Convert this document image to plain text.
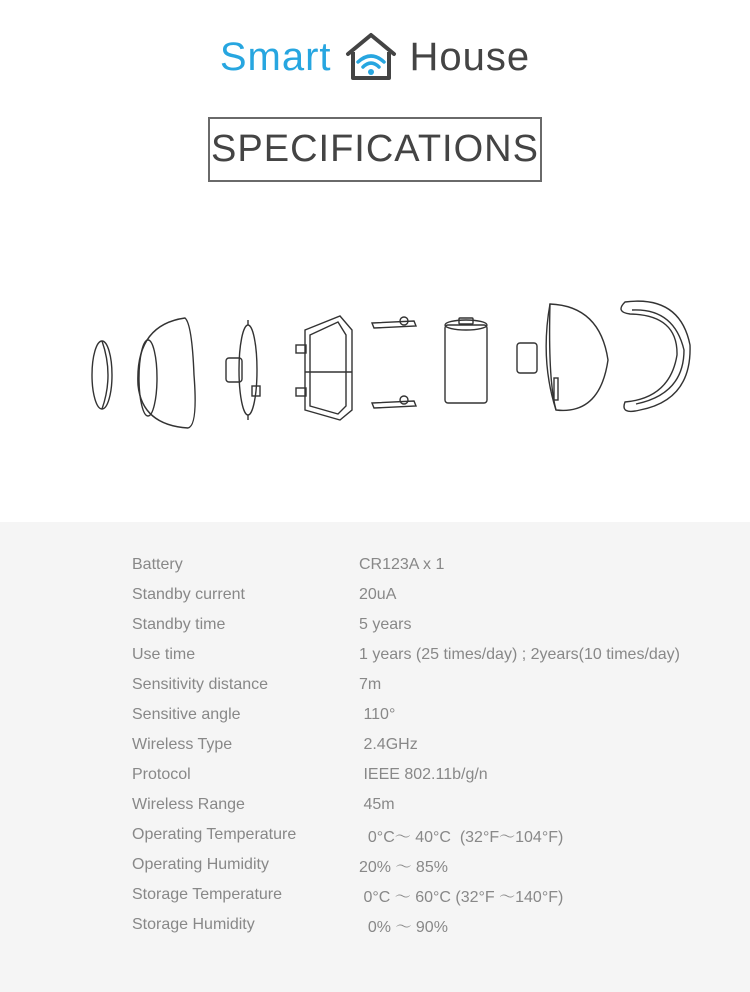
Smart House
SPECIFICATIONS
Battery	CR123A x 1
Standby current	20uA
Standby time	5 years
Use time	1 years (25 times/day) ; 2years(10 times/day)
Sensitivity distance	7m
Sensitive angle	110°
Wireless Type	2.4GHz
Protocol	IEEE 802.11b/g/n
Wireless Range	45m
Operating Temperature	0°C～ 40°C  (32°F～104°F)
Operating Humidity	20% ～ 85%
Storage Temperature	0°C ～ 60°C (32°F ～140°F)
Storage Humidity	0% ～ 90%
